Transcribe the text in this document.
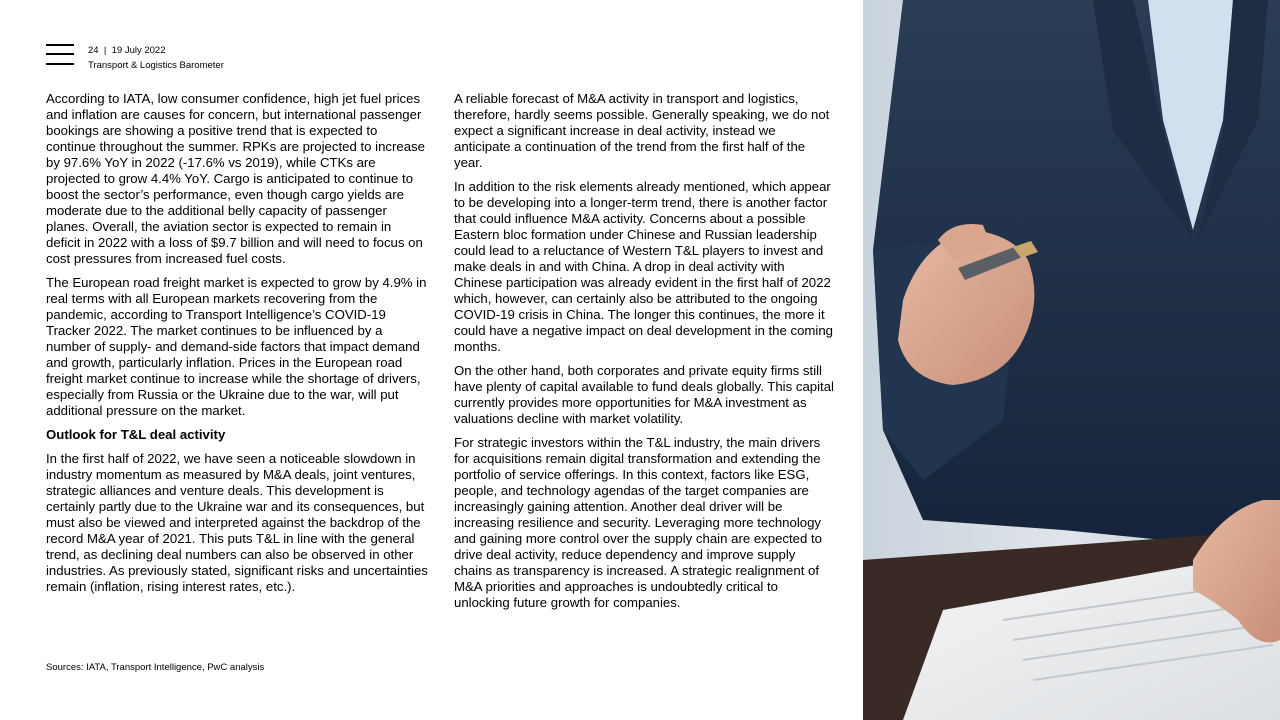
24 | 19 July 2022
Transport & Logistics Barometer

According to IATA, low consumer confidence, high jet fuel prices and inflation are causes for concern, but international passenger bookings are showing a positive trend that is expected to continue throughout the summer. RPKs are projected to increase by 97.6% YoY in 2022 (-17.6% vs 2019), while CTKs are projected to grow 4.4% YoY. Cargo is anticipated to continue to boost the sector’s performance, even though cargo yields are moderate due to the additional belly capacity of passenger planes. Overall, the aviation sector is expected to remain in deficit in 2022 with a loss of $9.7 billion and will need to focus on cost pressures from increased fuel costs.

The European road freight market is expected to grow by 4.9% in real terms with all European markets recovering from the pandemic, according to Transport Intelligence’s COVID-19 Tracker 2022. The market continues to be influenced by a number of supply- and demand-side factors that impact demand and growth, particularly inflation. Prices in the European road freight market continue to increase while the shortage of drivers, especially from Russia or the Ukraine due to the war, will put additional pressure on the market.

Outlook for T&L deal activity

In the first half of 2022, we have seen a noticeable slowdown in industry momentum as measured by M&A deals, joint ventures, strategic alliances and venture deals. This development is certainly partly due to the Ukraine war and its consequences, but must also be viewed and interpreted against the backdrop of the record M&A year of 2021. This puts T&L in line with the general trend, as declining deal numbers can also be observed in other industries. As previously stated, significant risks and uncertainties remain (inflation, rising interest rates, etc.).

A reliable forecast of M&A activity in transport and logistics, therefore, hardly seems possible. Generally speaking, we do not expect a significant increase in deal activity, instead we anticipate a continuation of the trend from the first half of the year.

In addition to the risk elements already mentioned, which appear to be developing into a longer-term trend, there is another factor that could influence M&A activity. Concerns about a possible Eastern bloc formation under Chinese and Russian leadership could lead to a reluctance of Western T&L players to invest and make deals in and with China. A drop in deal activity with Chinese participation was already evident in the first half of 2022 which, however, can certainly also be attributed to the ongoing COVID-19 crisis in China. The longer this continues, the more it could have a negative impact on deal development in the coming months.

On the other hand, both corporates and private equity firms still have plenty of capital available to fund deals globally. This capital currently provides more opportunities for M&A investment as valuations decline with market volatility.

For strategic investors within the T&L industry, the main drivers for acquisitions remain digital transformation and extending the portfolio of service offerings. In this context, factors like ESG, people, and technology agendas of the target companies are increasingly gaining attention. Another deal driver will be increasing resilience and security. Leveraging more technology and gaining more control over the supply chain are expected to drive deal activity, reduce dependency and improve supply chains as transparency is increased. A strategic realignment of M&A priorities and approaches is undoubtedly critical to unlocking future growth for companies.

Sources: IATA, Transport Intelligence, PwC analysis
